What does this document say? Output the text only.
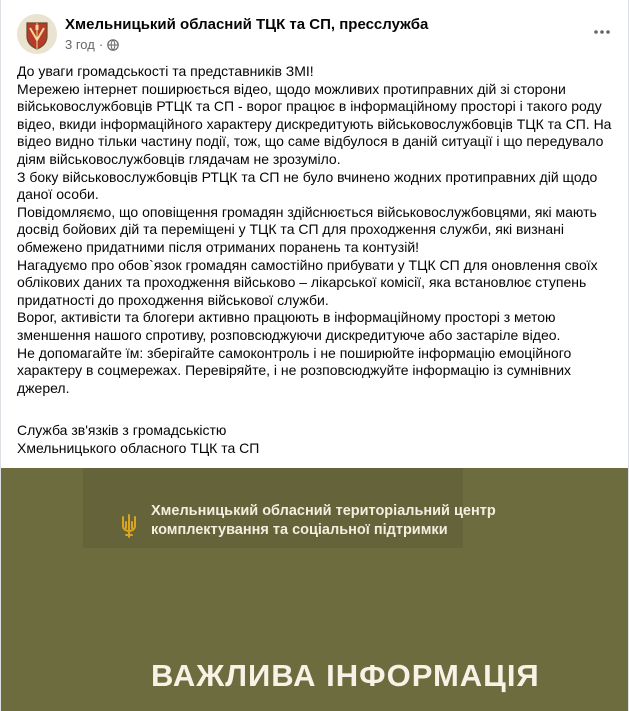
Хмельницький обласний ТЦК та СП, пресслужба
3 год ·

До уваги громадськості та представників ЗМІ!

Мережею інтернет поширюється відео, щодо можливих протиправних дій зі сторони військовослужбовців РТЦК та СП - ворог працює в інформаційному просторі і такого роду відео, вкиди інформаційного характеру дискредитують військовослужбовців ТЦК та СП. На відео видно тільки частину події, тож, що саме відбулося в даній ситуації і що передувало діям військовослужбовців глядачам не зрозуміло.

З боку військовослужбовців РТЦК та СП не було вчинено жодних протиправних дій щодо даної особи.

Повідомляємо, що оповіщення громадян здійснюється військовослужбовцями, які мають досвід бойових дій та переміщені у ТЦК та СП для проходження служби, які визнані обмежено придатними після отриманих поранень та контузій!

Нагадуємо про обов`язок громадян самостійно прибувати у ТЦК СП для оновлення своїх облікових даних та проходження військово – лікарської комісії, яка встановлює ступень придатності до проходження військової служби.

Ворог, активісти та блогери активно працюють в інформаційному просторі з метою зменшення нашого спротиву, розповсюджуючи дискредитуюче або застаріле відео.

Не допомагайте їм: зберігайте самоконтроль і не поширюйте інформацію емоційного характеру в соцмережах. Перевіряйте, і не розповсюджуйте інформацію із сумнівних джерел.

Служба зв'язків з громадськістю

Хмельницького обласного ТЦК та СП

Хмельницький обласний територіальний центр комплектування та соціальної підтримки
ВАЖЛИВА ІНФОРМАЦІЯ
